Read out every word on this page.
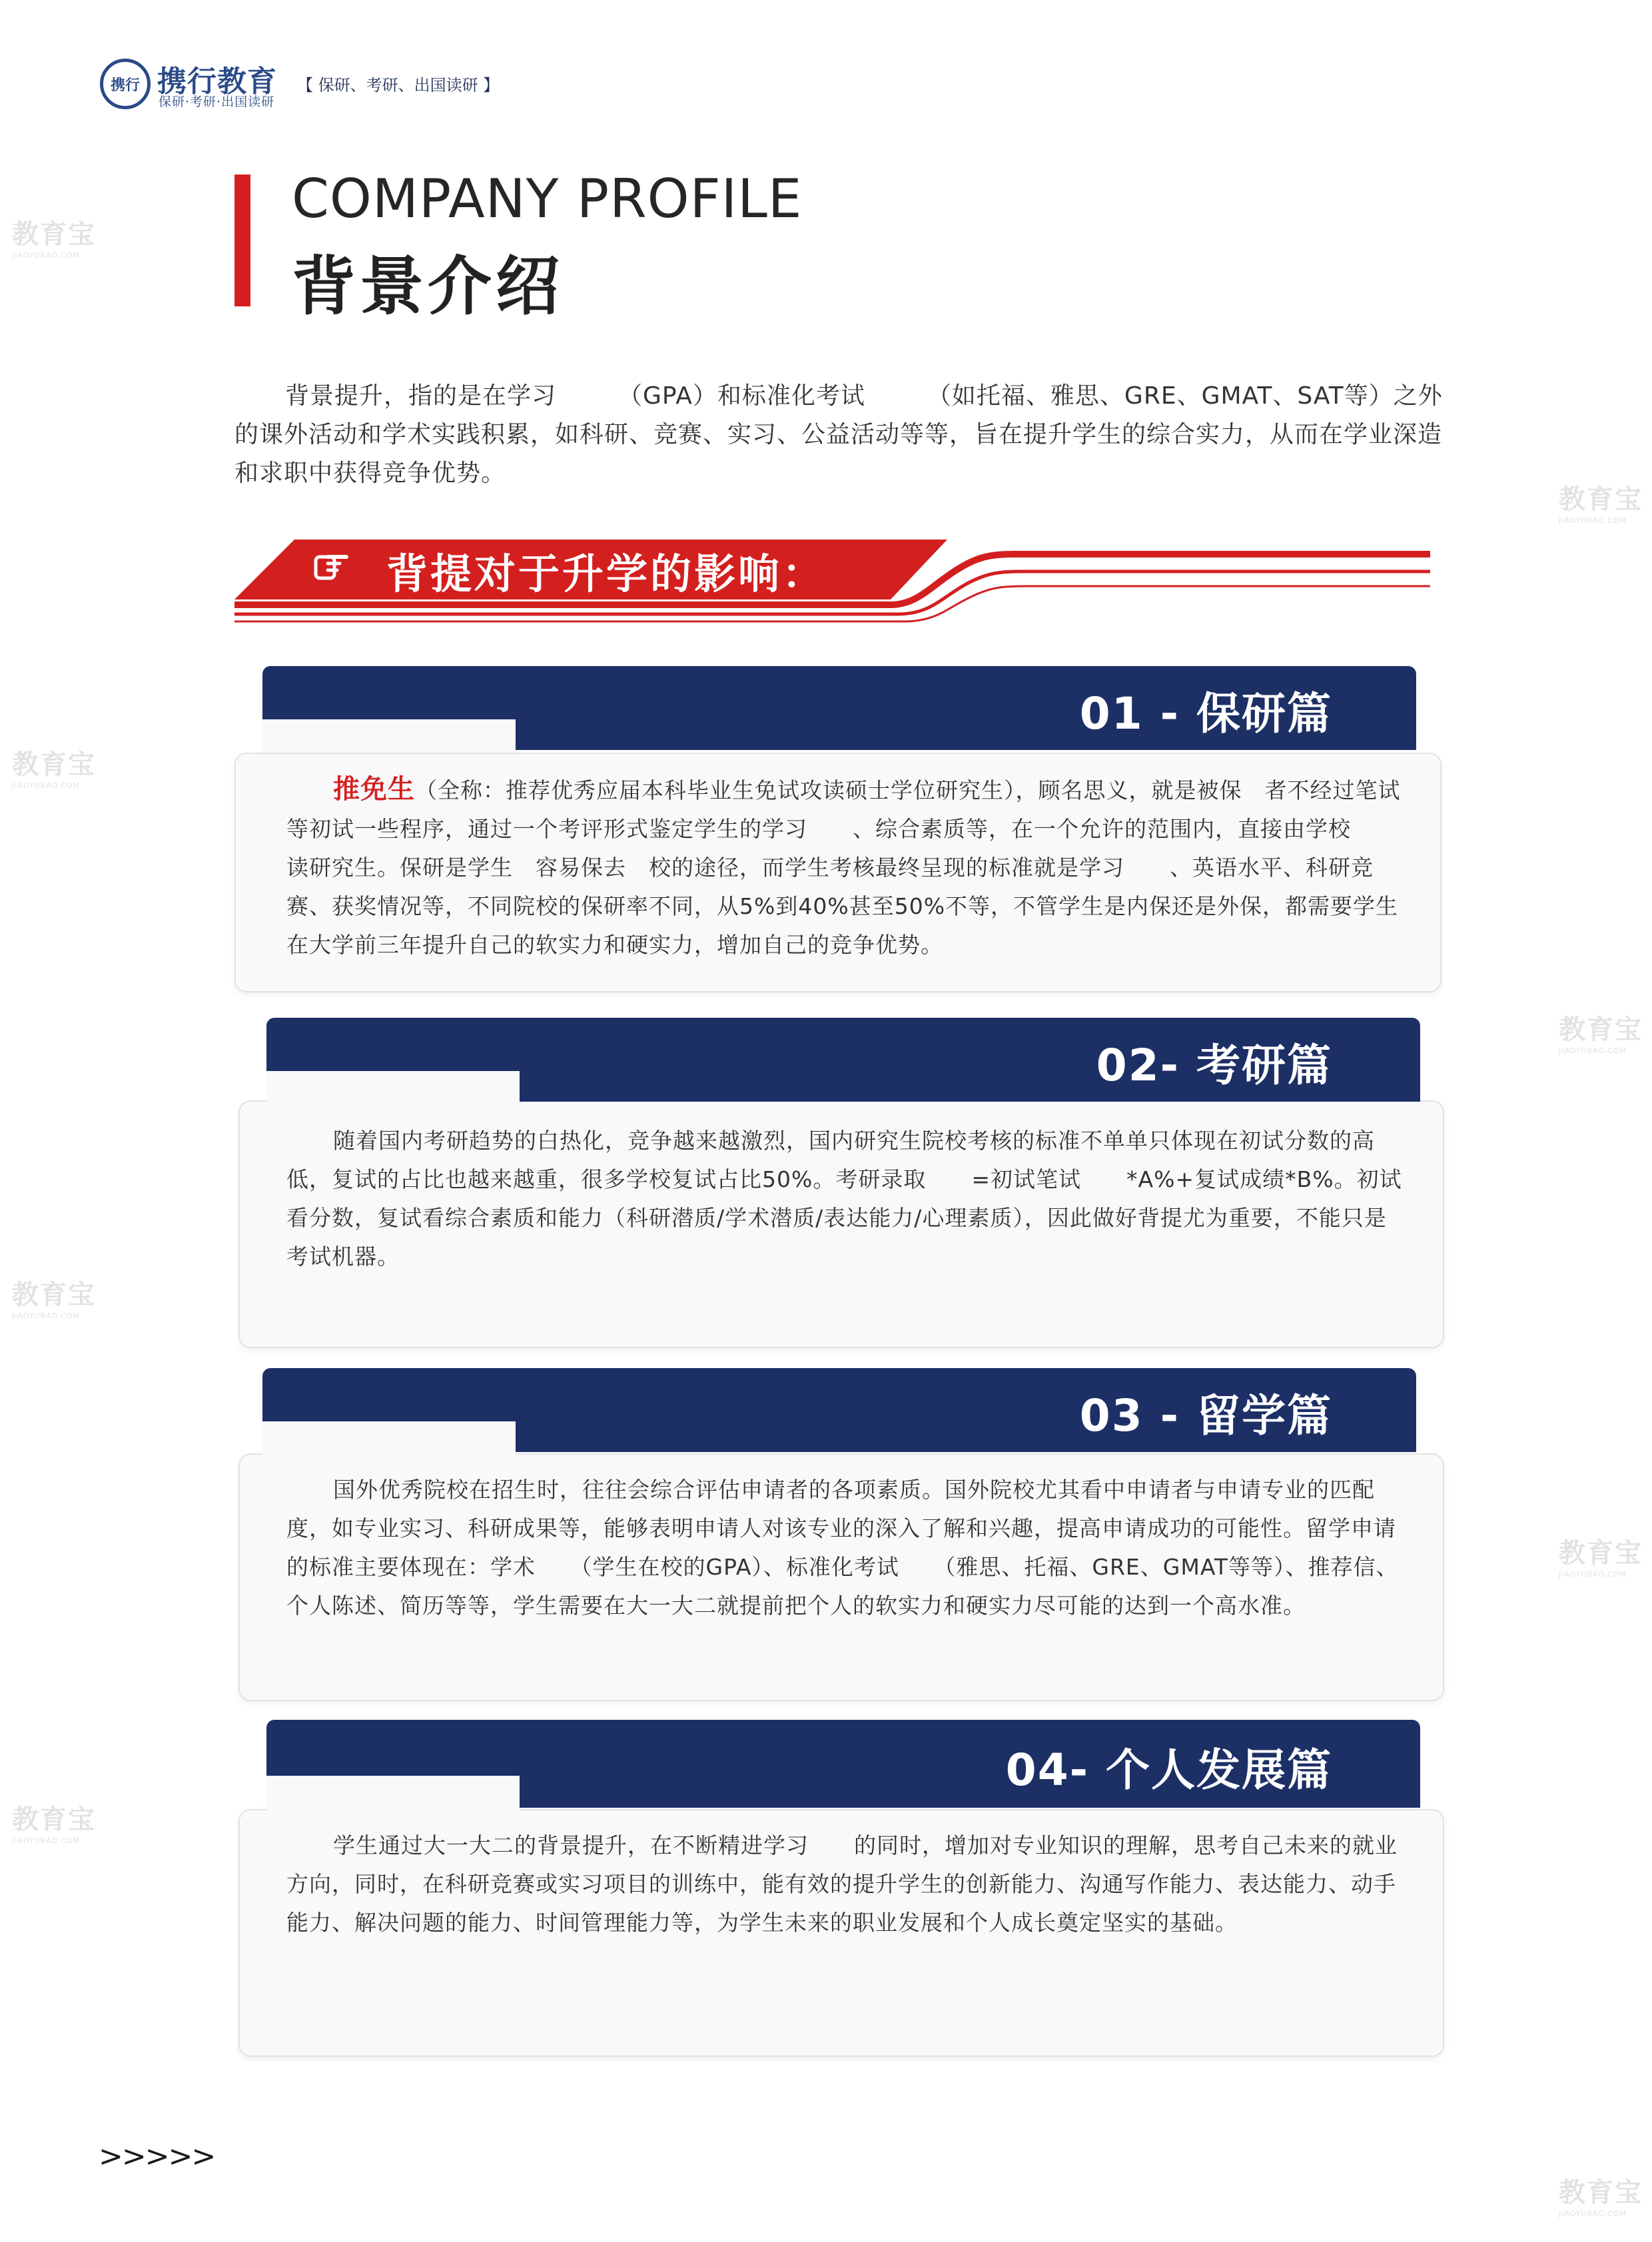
携行 携行教育
保研·考研·出国读研
【 保研、考研、出国读研 】
COMPANY PROFILE
背景介绍
背景提升，指的是在学习　　　（GPA）和标准化考试　　　（如托福、雅思、GRE、GMAT、SAT等）之外的课外活动和学术实践积累，如科研、竞赛、实习、公益活动等等，旨在提升学生的综合实力，从而在学业深造和求职中获得竞争优势。
背提对于升学的影响：
01 - 保研篇
推免生（全称：推荐优秀应届本科毕业生免试攻读硕士学位研究生），顾名思义，就是被保　者不经过笔试等初试一些程序，通过一个考评形式鉴定学生的学习　　、综合素质等，在一个允许的范围内，直接由学校　　读研究生。保研是学生　容易保去　校的途径，而学生考核最终呈现的标准就是学习　　、英语水平、科研竞赛、获奖情况等，不同院校的保研率不同，从5%到40%甚至50%不等，不管学生是内保还是外保，都需要学生在大学前三年提升自己的软实力和硬实力，增加自己的竞争优势。
02- 考研篇
随着国内考研趋势的白热化，竞争越来越激烈，国内研究生院校考核的标准不单单只体现在初试分数的高低，复试的占比也越来越重，很多学校复试占比50%。考研录取　　=初试笔试　　*A%+复试成绩*B%。初试看分数，复试看综合素质和能力（科研潜质/学术潜质/表达能力/心理素质），因此做好背提尤为重要，不能只是考试机器。
03 - 留学篇
国外优秀院校在招生时，往往会综合评估申请者的各项素质。国外院校尤其看中申请者与申请专业的匹配度，如专业实习、科研成果等，能够表明申请人对该专业的深入了解和兴趣，提高申请成功的可能性。留学申请的标准主要体现在：学术　　（学生在校的GPA）、标准化考试　　（雅思、托福、GRE、GMAT等等）、推荐信、个人陈述、简历等等，学生需要在大一大二就提前把个人的软实力和硬实力尽可能的达到一个高水准。
04- 个人发展篇
学生通过大一大二的背景提升，在不断精进学习　　的同时，增加对专业知识的理解，思考自己未来的就业方向，同时，在科研竞赛或实习项目的训练中，能有效的提升学生的创新能力、沟通写作能力、表达能力、动手能力、解决问题的能力、时间管理能力等，为学生未来的职业发展和个人成长奠定坚实的基础。
>>>>>
教育宝
JIAOYUBAO.COM
教育宝
JIAOYUBAO.COM
教育宝
JIAOYUBAO.COM
教育宝
JIAOYUBAO.COM
教育宝
JIAOYUBAO.COM
教育宝
JIAOYUBAO.COM
教育宝
JIAOYUBAO.COM
教育宝
JIAOYUBAO.COM
